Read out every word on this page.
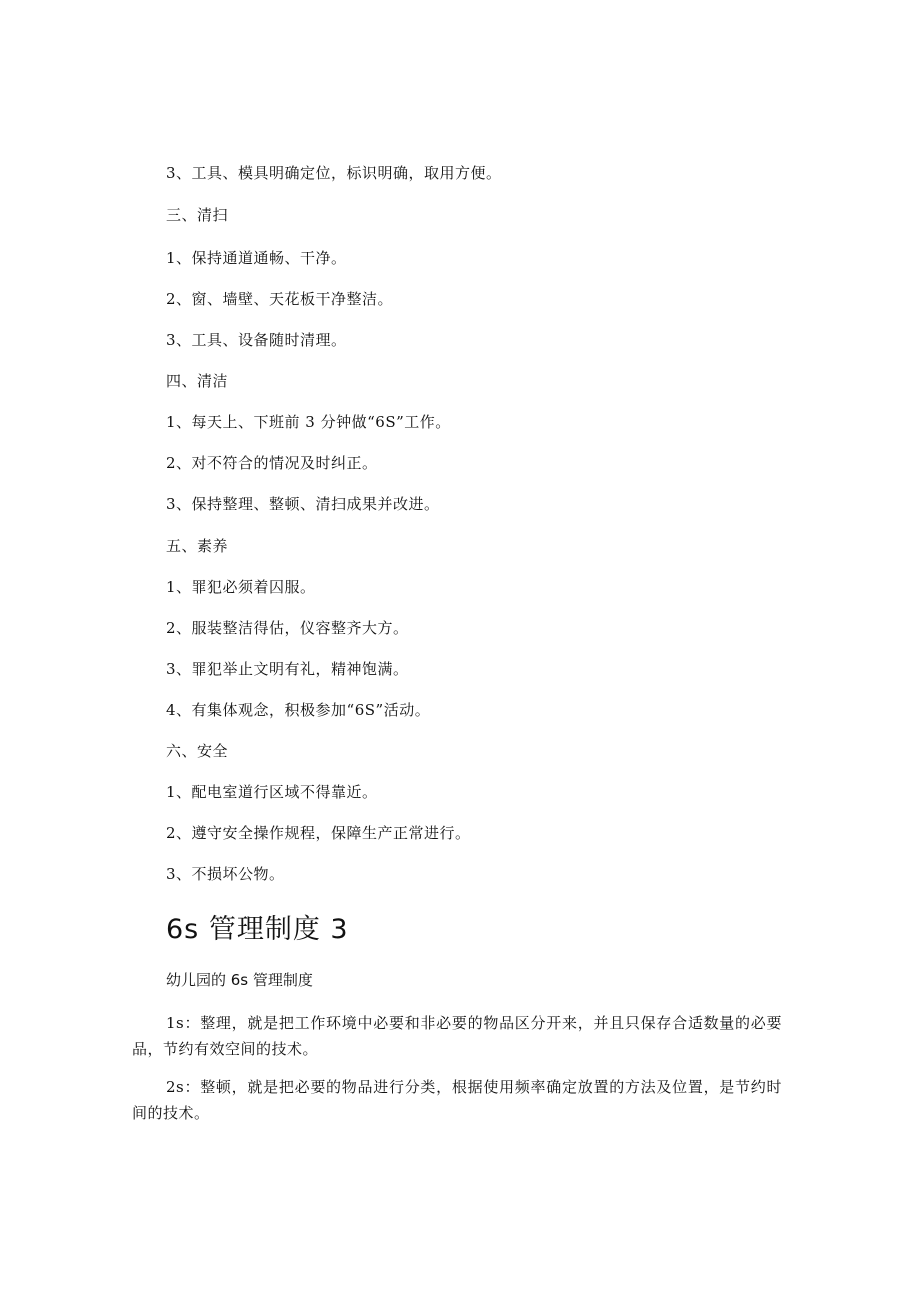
3、工具、模具明确定位，标识明确，取用方便。
三、清扫
1、保持通道通畅、干净。
2、窗、墙壁、天花板干净整洁。
3、工具、设备随时清理。
四、清洁
1、每天上、下班前 3 分钟做“6S”工作。
2、对不符合的情况及时纠正。
3、保持整理、整顿、清扫成果并改进。
五、素养
1、罪犯必须着囚服。
2、服装整洁得估，仪容整齐大方。
3、罪犯举止文明有礼，精神饱满。
4、有集体观念，积极参加“6S”活动。
六、安全
1、配电室道行区域不得靠近。
2、遵守安全操作规程，保障生产正常进行。
3、不损坏公物。
6s 管理制度 3
幼儿园的 6s 管理制度
1s：整理，就是把工作环境中必要和非必要的物品区分开来，并且只保存合适数量的必要品，节约有效空间的技术。
2s：整顿，就是把必要的物品进行分类，根据使用频率确定放置的方法及位置，是节约时间的技术。
